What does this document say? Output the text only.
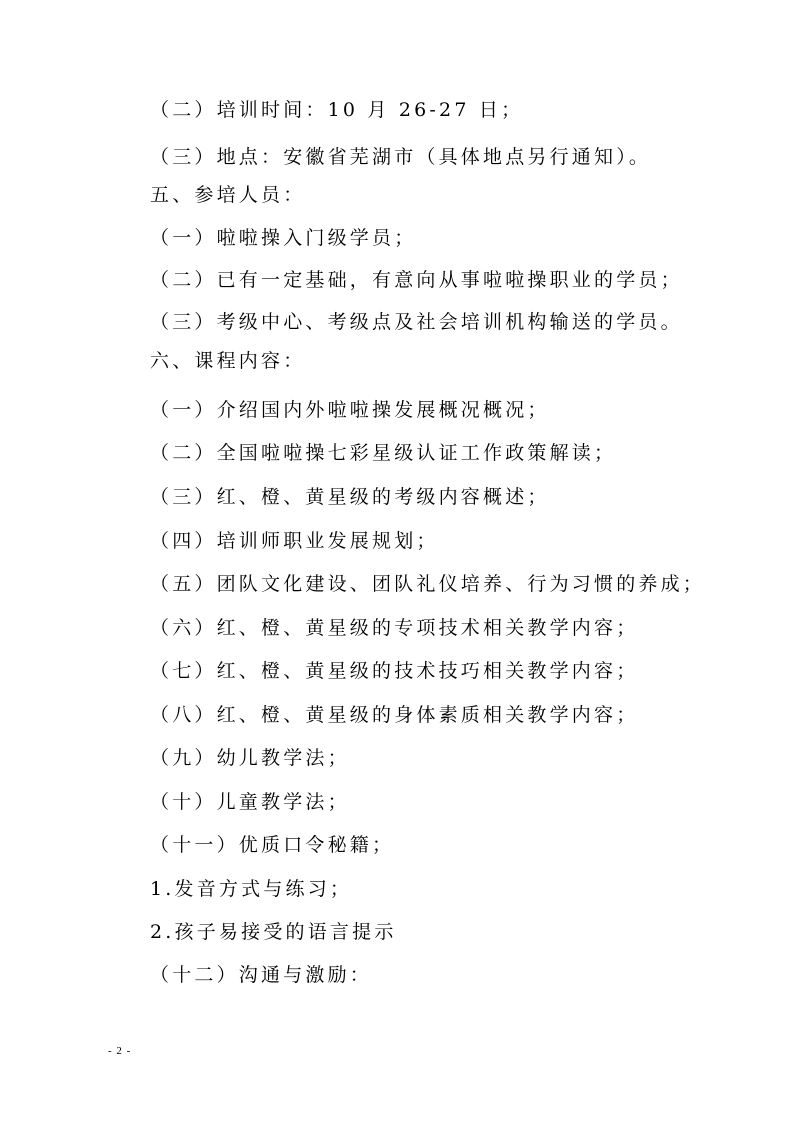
（二）培训时间：10 月 26-27 日；
（三）地点：安徽省芜湖市（具体地点另行通知）。
五、参培人员：
（一）啦啦操入门级学员；
（二）已有一定基础，有意向从事啦啦操职业的学员；
（三）考级中心、考级点及社会培训机构输送的学员。
六、课程内容：
（一）介绍国内外啦啦操发展概况概况；
（二）全国啦啦操七彩星级认证工作政策解读；
（三）红、橙、黄星级的考级内容概述；
（四）培训师职业发展规划；
（五）团队文化建设、团队礼仪培养、行为习惯的养成；
（六）红、橙、黄星级的专项技术相关教学内容；
（七）红、橙、黄星级的技术技巧相关教学内容；
（八）红、橙、黄星级的身体素质相关教学内容；
（九）幼儿教学法；
（十）儿童教学法；
（十一）优质口令秘籍；
1.发音方式与练习；
2.孩子易接受的语言提示
（十二）沟通与激励：
- 2 -
